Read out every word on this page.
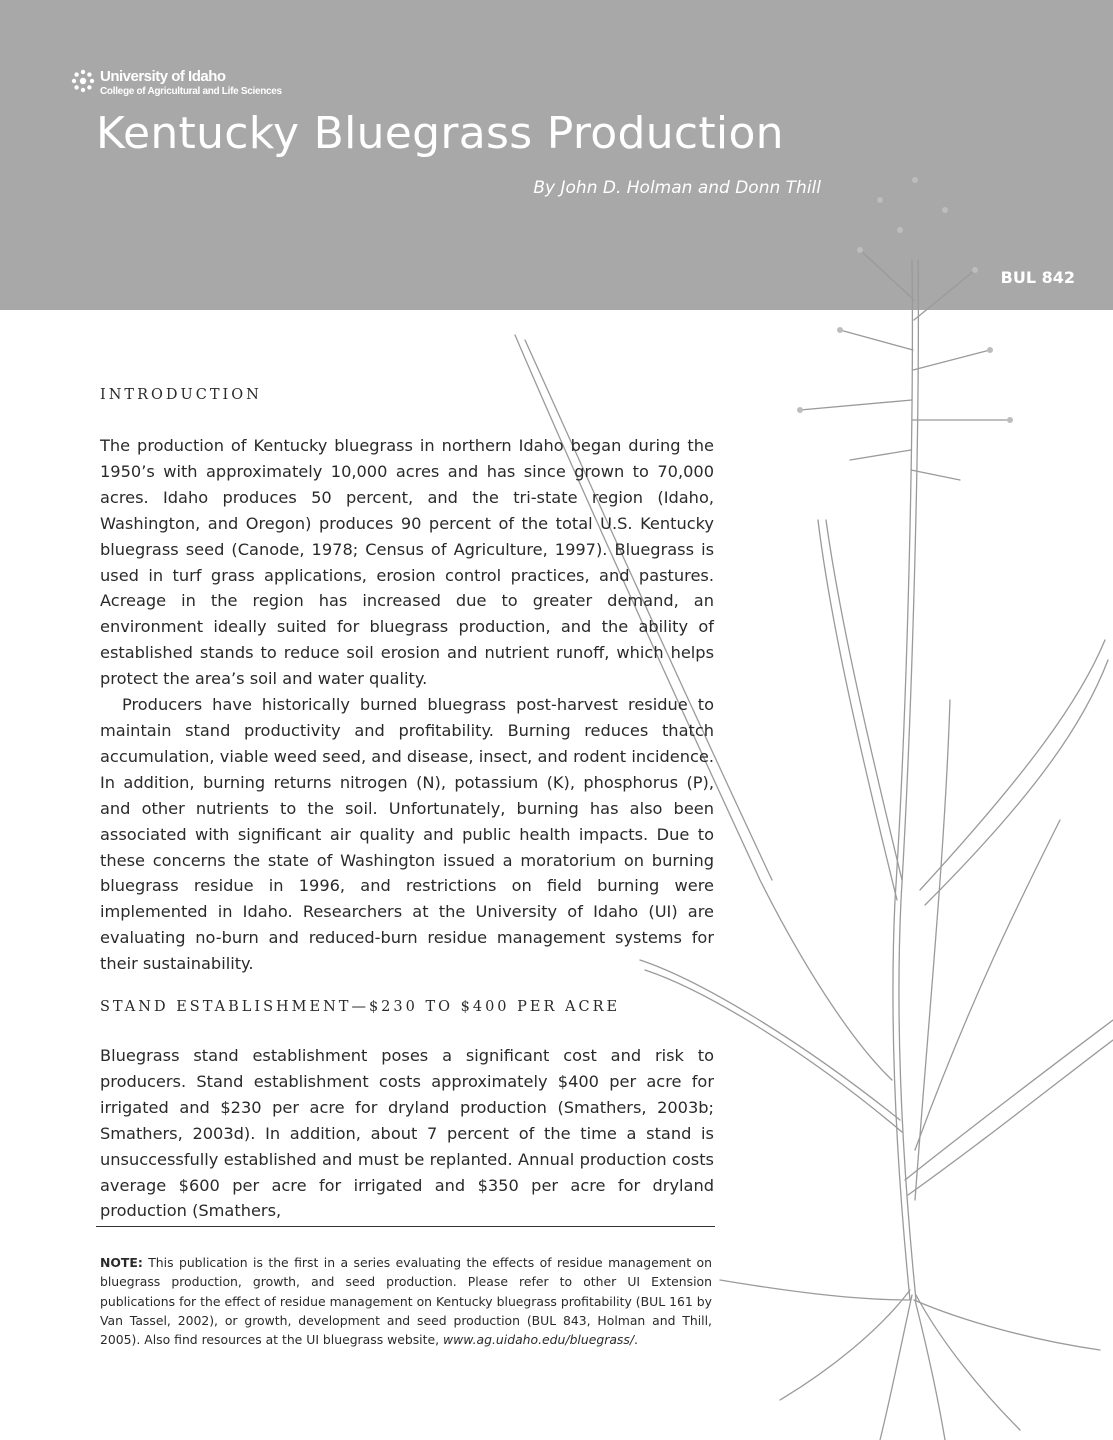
University of Idaho
College of Agricultural and Life Sciences
Kentucky Bluegrass Production
By John D. Holman and Donn Thill
BUL 842
INTRODUCTION

The production of Kentucky bluegrass in northern Idaho began during the 1950’s with approximately 10,000 acres and has since grown to 70,000 acres. Idaho produces 50 percent, and the tri-state region (Idaho, Washington, and Oregon) produces 90 percent of the total U.S. Kentucky bluegrass seed (Canode, 1978; Census of Agriculture, 1997). Bluegrass is used in turf grass applications, erosion control practices, and pastures. Acreage in the region has increased due to greater demand, an environment ideally suited for bluegrass production, and the ability of established stands to reduce soil erosion and nutrient runoff, which helps protect the area’s soil and water quality.

Producers have historically burned bluegrass post-harvest residue to maintain stand productivity and profitability. Burning reduces thatch accumulation, viable weed seed, and disease, insect, and rodent incidence. In addition, burning returns nitrogen (N), potassium (K), phosphorus (P), and other nutrients to the soil. Unfortunately, burning has also been associated with significant air quality and public health impacts. Due to these concerns the state of Washington issued a moratorium on burning bluegrass residue in 1996, and restrictions on field burning were implemented in Idaho. Researchers at the University of Idaho (UI) are evaluating no-burn and reduced-burn residue management systems for their sustainability.

STAND ESTABLISHMENT—$230 TO $400 PER ACRE

Bluegrass stand establishment poses a significant cost and risk to producers. Stand establishment costs approximately $400 per acre for irrigated and $230 per acre for dryland production (Smathers, 2003b; Smathers, 2003d). In addition, about 7 percent of the time a stand is unsuccessfully established and must be replanted. Annual production costs average $600 per acre for irrigated and $350 per acre for dryland production (Smathers,

NOTE: This publication is the first in a series evaluating the effects of residue management on bluegrass production, growth, and seed production. Please refer to other UI Extension publications for the effect of residue management on Kentucky bluegrass profitability (BUL 161 by Van Tassel, 2002), or growth, development and seed production (BUL 843, Holman and Thill, 2005). Also find resources at the UI bluegrass website, www.ag.uidaho.edu/bluegrass/.
